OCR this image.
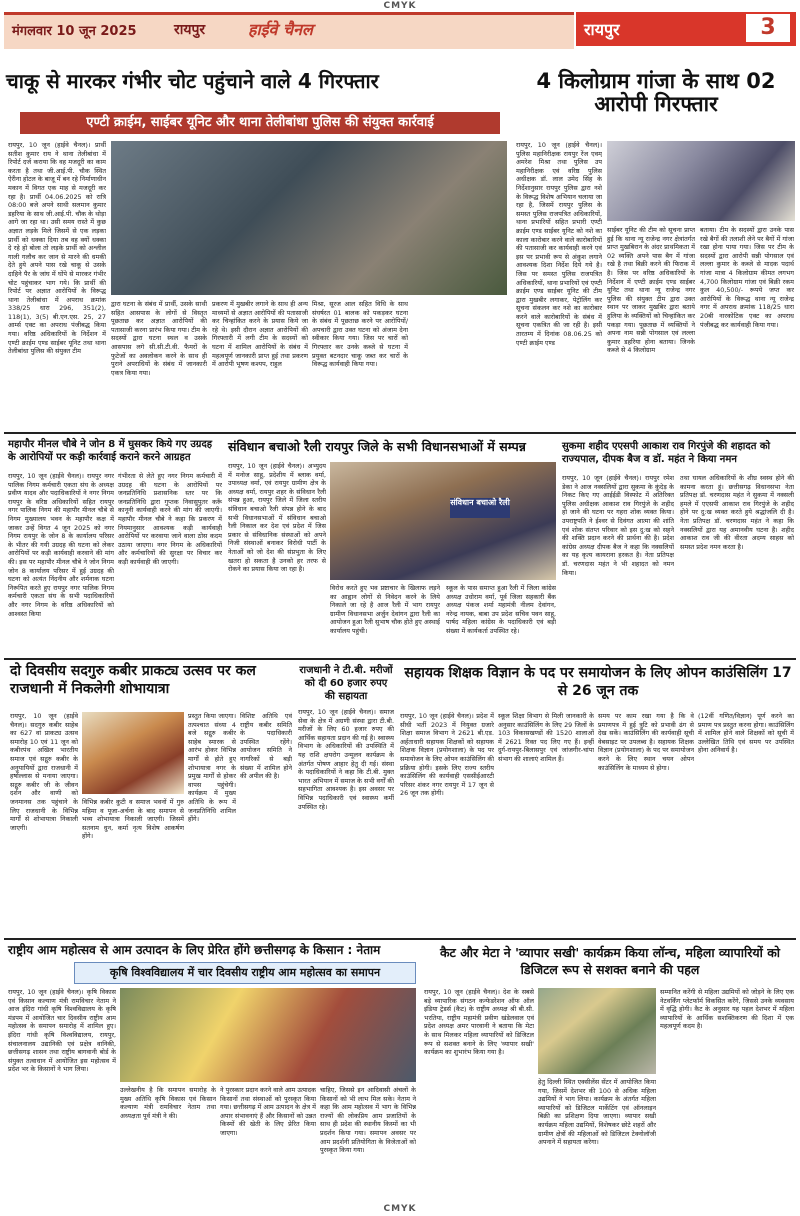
CMYK
मंगलवार 10 जून 2025	रायपुर	हाईवे चैनल	रायपुर	3
चाकू से मारकर गंभीर चोट पहुंचाने वाले 4 गिरफ्तार
एण्टी क्राईम, साईबर यूनिट और थाना तेलीबांधा पुलिस की संयुक्त कार्रवाई
रायपुर, 10 जून (हाईवे चैनल)। प्रार्थी सतीश कुमार राय ने थाना तेलीबांधा में रिपोर्ट दर्ज कराया कि वह मजदूरी का काम करता है तथा जी.आई.पी. चौक स्थित ऐरीना होटल के बाजू में बन रहे निर्माणाधीन मकान में विगत एक माह से मजदूरी कर रहा है। प्रार्थी 04.06.2025 को रात्रि 08:00 बजे अपने साथी सलमान कुमार डहरिया के साथ जी.आई.पी. चौक के थोड़ा आगे जा रहा था। उसी समय रास्ते में कुछ अज्ञात लड़के मिले जिसमें से एक लड़का प्रार्थी को धक्का दिया तब वह क्यों धक्का दे रहे हो बोला तो लड़के प्रार्थी को अश्लील गाली गलौच कर जान से मारने की धमकी देते हुये अपने पास रखे चाकू से उसके दाहिने पैर के जांघ में घोंपे से मारकर गंभीर चोट पहुंचाकर भाग गये। कि प्रार्थी की रिपोर्ट पर अज्ञात आरोपियों के विरूद्ध थाना तेलीबांधा में अपराध क्रमांक 338/25 धारा 296, 351(2), 118(1), 3(5) बी.एन.एस. 25, 27 आर्म्स एक्ट का अपराध पंजीबद्ध किया गया। वरिष्ठ अधिकारियों के निर्देशन में एण्टी क्राईम एण्ड साईबर यूनिट तथा थाना तेलीबांधा पुलिस की संयुक्त टीम
द्वारा घटना के संबंध में प्रार्थी, उसके साथी सहित आसपास के लोगों से विस्तृत पूछताछ कर अज्ञात आरोपियों की पतासाजी करना प्रारंभ किया गया। टीम के सदस्यों द्वारा घटना स्थल व उसके आसपास लगे सी.सी.टी.वी. फैमरों के फुटेजों का अवलोकन करने के साथ ही पुराने अपराधियों के संबंध में जानकारी एकत्र किया गया।
प्रकरण में मुखबीर लगाने के साथ ही अन्य माध्यमों से अज्ञात आरोपियों की पतासाजी कर चिन्हांकित करने के प्रयास किये जा रहे थे। इसी दौरान अज्ञात आरोपियों की गिरफ्तारी में लगी टीम के सदस्यों को घटना में शामिल आरोपियों के संबंध में महत्वपूर्ण जानकारी प्राप्त हुई तथा प्रकरण में आरोपी भूषण कश्यप, राहुल
मिश्रा, सूरज आल सहित विधि के साथ संघर्षरत 01 बालक को पकड़कर घटना के संबंध में पूछताछ करने पर आरोपियों/अपचारी द्वारा उक्त घटना को अंजाम देना स्वीकार किया गया। जिस पर चारों को गिरफ्तार कर उनके कब्जे से घटना में प्रयुक्त बटनदार चाकू जब्त कर चारों के विरूद्ध कार्यवाही किया गया।
4 किलोग्राम गांजा के साथ 02 आरोपी गिरफ्तार
रायपुर, 10 जून (हाईवे चैनल)। पुलिस महानिरीक्षक रायपुर रेंज एवम् अमरेश मिश्रा तथा पुलिस उप महानिरीक्षक एवं वरिष्ठ पुलिस अधीक्षक डॉ. लाल उमेद सिंह के निर्देशानुसार रायपुर पुलिस द्वारा नशे के विरूद्ध विशेष अभियान चलाया जा रहा है, जिसमें रायपुर पुलिस के समस्त पुलिस राजपत्रित अधिकारियों, थाना प्रभारियों सहित प्रभारी एण्टी क्राईम एण्ड साईबर यूनिट को नशे का काला कारोबार करने वाले कारोबारियों की पतासाजी कर कार्यवाही करने एवं इस पर प्रभावी रूप से अंकुश लगाने आवश्यक दिशा निर्देश दिये गये है। जिस पर समस्त पुलिस राजपत्रित अधिकारियों, थाना प्रभारियों एवं एण्टी क्राईम एण्ड साईबर यूनिट की टीम द्वारा मुखबीर लगाकर, पेट्रोलिंग कर सूचना संकलन कर नशे का कारोबार करने वाले कारोबारियों के संबंध में सूचना एकत्रित की जा रही है। इसी तारतम्य में दिनांक 08.06.25 को एण्टी क्राईम एण्ड
साईबर यूनिट की टीम को सूचना प्राप्त हुई कि थाना न्यू राजेन्द्र नगर क्षेत्रांतर्गत प्राप्त मुखबिरान के अंदर प्राथमिकता में 02 व्यक्ति अपने पास बैग में गांजा रखे है तथा बिक्री करने की फिराक में है। जिस पर वरिष्ठ अधिकारियों के निर्देशन में एण्टी क्राईम एण्ड साईबर यूनिट तथा थाना न्यू राजेन्द्र नगर पुलिस की संयुक्त टीम द्वारा उक्त स्थान पर जाकर मुखबिर द्वारा बताये हुलिया के व्यक्तियों को चिन्हांकित कर पकड़ा गया। पूछताछ में व्यक्तियों ने अपना नाम सन्नी पोगसाल एवं लल्ला कुमार डहरिया होना बताया। जिनके कब्जे से 4 किलोग्राम
बताया। टीम के सदस्यों द्वारा उनके पास रखे बैगों की तलाशी लेने पर बैगों में गांजा रखा होना पाया गया। जिस पर टीम के सदस्यों द्वारा आरोपी सन्नी पोगसाल एवं लल्ला कुमार के कब्जे से मादक पदार्थ गांजा मात्रा 4 किलोग्राम कीमत लगभग 4,700 किलोग्राम गांजा एवं बिक्री रकम कुल 40,500/- रूपये जप्त कर आरोपियों के विरूद्ध थाना न्यू राजेन्द्र नगर में अपराध क्रमांक 118/25 धारा 20बी नारकोटिक एक्ट का अपराध पंजीबद्ध कर कार्यवाही किया गया।
महापौर मीनल चौबे ने जोन 8 में घुसकर किये गए उग्रदह के आरोपियों पर कड़ी कार्रवाई कराने करने आग्रहत
रायपुर, 10 जून (हाईवे चैनल)। रायपुर नगर पालिक निगम कर्मचारी एकता संघ के अध्यक्ष प्रवीण यादव और पदाधिकारियों ने नगर निगम रायपुर के वरिष्ठ अधिकारियों सहित रायपुर नगर पालिक निगम की महापौर मीनल चौबे से निगम मुख्यालय भवन के महापौर कक्ष में जाकर उन्हें विगत 4 जून 2025 को नगर निगम रायपुर के जोन 8 के कार्यालय परिसर के भीतर की गयी उग्रदह की घटना को लेकर आरोपियों पर कड़ी कार्यवाही करवाने की मांग की। इस पर महापौर मीनल चौबे ने जोन निगम जोन 8 कार्यालय परिसर में हुई उग्रदह की घटना को अत्यंत निंदनीय और शर्मनाक घटना निरूपित करते हुए रायपुर नगर पालिक निगम कर्मचारी एकता संघ के सभी पदाधिकारियों और नगर निगम के वरिष्ठ अधिकारियों को आश्वस्त किया
गंभीरता से लेते हुए नगर निगम कर्मचारी में उग्रदह की घटना के आरोपियों पर जनप्रतिनिधि प्रशासनिक स्तर पर कि जनप्रतिनिधि द्वारा गुप्तक निवासुपुतर करूँ कानूनी कार्यवाही करने की मांग की जाएगी। महापौर मीनल चौबे ने कहा कि प्रकरण में नियमानुसार आवश्यक कड़ी कार्यवाही आरोपियों पर करवाया जाने वाला ठोस कदम उठाया जाएगा। नगर निगम के अधिकारियों और कर्मचारियों की सुरक्षा पर विचार कर कड़ी कार्यवाही की जाएगी।
संविधान बचाओ रैली रायपुर जिले के सभी विधानसभाओं में सम्पन्न
संविधान बचाओ रैली
रायपुर, 10 जून (हाईवे चैनल)। अभ्युदय में मनोज साहू, प्रदेशीय में ब्लाक वर्मा, उपाध्यक्ष वर्मा, एवं रायपुर ग्रामीण क्षेत्र के अध्यक्ष वर्मा, रायपुर शहर के संविधान रैली संपन्न हुआ, रायपुर जिले में जिला स्तरीय संविधान बचाओ रैली संपन्न होने के बाद सभी विधानसभाओं में संविधान बचाओ रैली निकाल कर देश एवं प्रदेश में जिस प्रकार से संविधानिक संस्थाओं को अपने निजी संस्थाओं बनाकर विरोधी पार्टी के नेताओं को जो देश की संप्रभुता के लिए खतरा हो सकता है उनको हर तरफ से रोकने का प्रयास किया जा रहा है।
विरोध करते हुए भव प्रष्टाचार के खिलाफ लड़ने का आह्वान लोगों से निवेदन करने के लिये निकाले जा रहे है आज रैली में भाग रायपुर ग्रामीण विधानसभा अर्जुन देवांगन द्वारा रैली का आयोजन हुआ रैली सुभाष चौक होते हुए अस्थाई कार्यालय पहुंची।
स्कूल के पास समाप्त हुआ रैली में जिला कांग्रेस अध्यक्ष उधोराम वर्मा, पूर्व जिला सहकारी बैंक अध्यक्ष पंकज शर्मा महामंत्री नीलम देवांगन, नरेन्द्र नायक, बाबा उप प्रदेश सचिव पवन साहू, पार्षद महिला कांग्रेस के पदाधिकारी एवं बड़ी संख्या में कार्यकर्ता उपस्थित रहे।
सुकमा शहीद एएसपी आकाश राव गिरपुंजे की शहादत को राज्यपाल, दीपक बैज व डॉ. महंत ने किया नमन
रायपुर, 10 जून (हाईवे चैनल)। रायपुर रमेश डेका ने आज नक्सलियों द्वारा सुकमा के कुंदेड़ के निकट किए गए आईईडी विस्फोट में अतिरिक्त पुलिस अधीक्षक आकाश राव गिरपुंजे के शहीद हो जाने की घटना पर गहरा शोक व्यक्त किया। उपराष्ट्रपति ने ईश्वर से दिवंगत आत्मा की शांति एवं शोक संतप्त परिवार को इस दु:ख को सहने की शक्ति प्रदान करने की प्रार्थना की है। प्रदेश कांग्रेस अध्यक्ष दीपक बैज ने कहा कि नक्सलियों का यह कृत्य कायराना हरकत है। नेता प्रतिपक्ष डॉ. चरणदास महंत ने भी शहादत को नमन किया।
तथा घायल अधिकारियों के शीघ्र स्वस्थ होने की कामना करता हूं। छत्तीसगढ़ विधानसभा नेता प्रतिपक्ष डॉ. चरणदास महंत ने सुकमा में नक्सली हमले में एएसपी आकाश राव गिरपुंजे के शहीद होने पर दु:ख व्यक्त करते हुये श्रद्धांजलि दी है। नेता प्रतिपक्ष डॉ. चरणदास महंत ने कहा कि नक्सलियों द्वारा यह अमानवीय घटना है। शहीद आकाश राव जी की वीरता अदम्य साहस को समस्त प्रदेश नमन करता है।
दो दिवसीय सदगुरु कबीर प्राकट्य उत्सव पर कल राजधानी में निकलेगी शोभायात्रा
रायपुर, 10 जून (हाईवे चैनल)। सदगुरु कबीर साहेब का 627 वां प्राकट्य उत्सव समारोह 10 एवं 11 जून को कबीरपंथ अखिल भारतीय समाज एवं सद्गुरु कबीर के अनुयायियों द्वारा राजधानी में हर्षोल्लास से मनाया जाएगा। सद्गुरु कबीर जी के जीवन दर्शन और वाणी को जनमानस तक पहुंचाने के लिए राजधानी के विभिन्न मार्गों से शोभायात्रा निकाली जाएगी।
विभिन्न कबीर कुटी व समाज भवनों में गुरु महिमा व पूजा-अर्चना के बाद समापन से भव्य शोभायात्रा निकाली जाएगी। जिसमें सतनाम धुन, कर्मा नृत्य विशेष आकर्षण होंगे।
प्रस्तुत किया जाएगा। तत्पश्चात संध्या 4 बजे सद्गुरु कबीर साहेब स्मारक से आरंभ होकर विभिन्न मार्गों से होते हुए शोभायात्रा नगर के प्रमुख मार्गों से होकर वापस पहुंचेगी। कार्यक्रम में मुख्य अतिथि के रूप में जनप्रतिनिधि शामिल होंगे।
विशिष्ट अतिथि एवं राष्ट्रीय कबीर समिति के पदाधिकारी उपस्थित रहेंगे। आयोजन समिति ने नागरिकों से बड़ी संख्या में शामिल होने की अपील की है।
राजधानी ने टी.बी. मरीजों को दी 60 हजार रुपए की सहायता
रायपुर, 10 जून (हाईवे चैनल)। समाज सेवा के क्षेत्र में अग्रणी संस्था द्वारा टी.बी. मरीजों के लिए 60 हजार रुपए की आर्थिक सहायता प्रदान की गई है। स्वास्थ्य विभाग के अधिकारियों की उपस्थिति में यह राशि क्षयरोग उन्मूलन कार्यक्रम के अंतर्गत पोषण आहार हेतु दी गई। संस्था के पदाधिकारियों ने कहा कि टी.बी. मुक्त भारत अभियान में समाज के सभी वर्गों की सहभागिता आवश्यक है। इस अवसर पर विभिन्न पदाधिकारी एवं स्वास्थ्य कर्मी उपस्थित रहे।
सहायक शिक्षक विज्ञान के पद पर समायोजन के लिए ओपन काउंसिलिंग 17 से 26 जून तक
रायपुर, 10 जून (हाईवे चैनल)। प्रदेश में सीधी भर्ती 2023 में नियुक्त ग्रजारे शिक्षा समाज विभाग ने 2621 बी.एड. अर्हताधारी सहायक शिक्षकों को सहायक शिक्षक विज्ञान (प्रयोगशाला) के पद पर समायोजन के लिए ओपन काउंसिलिंग की प्रक्रिया होगी। इसके लिए राज्य स्तरीय काउंसिलिंग की कार्यवाही एससीईआरटी परिसर शंकर नगर रायपुर में 17 जून से 26 जून तक होगी।
स्कूल शिक्षा विभाग से मिली जानकारी के अनुसार काउंसिलिंग के लिए 29 जिलों के 103 विकासखण्डों की 1520 शालाओं में 2621 रिक्त पद लिए गए हैं। इन्हीं दुर्ग-रायपुर-बिलासपुर एवं जांजगीर-चांपा संभाग की शालाएं शामिल हैं।
समय पर काम रखा गया है कि वे प्रमाणपत्र में हुई त्रुटि को प्रभावी ढंग से देख सकें। काउंसिलिंग की कार्यवाही सूची वेबसाइट पर उपलब्ध है। सहायक शिक्षक विज्ञान (प्रयोगशाला) के पद पर समायोजन करने के लिए स्थान चयन ओपन काउंसिलिंग के माध्यम से होगा।
(12वीं गणित/विज्ञान) पूर्ण करने का प्रमाण पत्र प्रस्तुत करना होगा। काउंसिलिंग में शामिल होने वाले शिक्षकों को सूची में उल्लेखित तिथि एवं समय पर उपस्थित होना अनिवार्य है।
राष्ट्रीय आम महोत्सव से आम उत्पादन के लिए प्रेरित होंगे छत्तीसगढ़ के किसान : नेताम
कृषि विश्वविद्यालय में चार दिवसीय राष्ट्रीय आम महोत्सव का समापन
रायपुर, 10 जून (हाईवे चैनल)। कृषि विकास एवं किसान कल्याण मंत्री रामविचार नेताम ने आज इंदिरा गांधी कृषि विश्वविद्यालय के कृषि मंडपम में आयोजित चार दिवसीय राष्ट्रीय आम महोत्सव के समापन समारोह में शामिल हुए। इंदिरा गांधी कृषि विश्वविद्यालय, रायपुर, संचालनालय उद्यानिकी एवं प्रक्षेत्र वानिकी, छत्तीसगढ़ शासन तथा राष्ट्रीय बागवानी बोर्ड के संयुक्त तत्वाधान में आयोजित इस महोत्सव में प्रदेश भर के किसानों ने भाग लिया।
उल्लेखनीय है कि समापन समारोह के मुख्य अतिथि कृषि विकास एवं किसान कल्याण मंत्री रामविचार नेताम तथा अध्यक्षता पूर्व मंत्री ने की।
ने पुरस्कार प्रदान करने वाले आम उत्पादक किसानों तथा संस्थाओं को पुरस्कृत किया गया। छत्तीसगढ़ में आम उत्पादन के क्षेत्र में अपार संभावनाएं हैं और किसानों को उन्नत किस्मों की खेती के लिए प्रेरित किया जाएगा।
चाहिए, जिससे इन आदिवासी अंचलों के किसानों को भी लाभ मिल सके। नेताम ने कहा कि आम महोत्सव में भाग के विभिन्न राज्यों की लोकप्रिय आम प्रजातियों के साथ ही प्रदेश की स्थानीय किस्मों का भी प्रदर्शन किया गया। समापन अवसर पर आम प्रदर्शनी प्रतियोगिता के विजेताओं को पुरस्कृत किया गया।
कैट और मेटा ने 'व्यापार सखी' कार्यक्रम किया लॉन्च, महिला व्यापारियों को डिजिटल रूप से सशक्त बनाने की पहल
रायपुर, 10 जून (हाईवे चैनल)। देश के सबसे बड़े व्यापारिक संगठन कन्फेडरेशन ऑफ ऑल इंडिया ट्रेडर्स (कैट) के राष्ट्रीय अध्यक्ष श्री बी.सी. भरतिया, राष्ट्रीय महामंत्री प्रवीण खंडेलवाल एवं प्रदेश अध्यक्ष अमर पारवानी ने बताया कि मेटा के साथ मिलकर महिला व्यापारियों को डिजिटल रूप से सशक्त बनाने के लिए 'व्यापार सखी' कार्यक्रम का शुभारंभ किया गया है।
हेतु दिल्ली स्थित एक्सीलेंस सेंटर में आयोजित किया गया, जिसमें देशभर की 100 से अधिक महिला उद्यमियों ने भाग लिया। कार्यक्रम के अंतर्गत महिला व्यापारियों को डिजिटल मार्केटिंग एवं ऑनलाइन बिक्री का प्रशिक्षण दिया जाएगा। व्यापार सखी कार्यक्रम महिला उद्यमियों, विशेषकर छोटे शहरों और ग्रामीण क्षेत्रों की महिलाओं को डिजिटल टेक्नोलॉजी अपनाने में सहायता करेगा।
सम्मानित करेंगी से महिला उद्यमियों को जोड़ने के लिए एक नेटवर्किंग प्लेटफॉर्म विकसित करेंगे, जिससे उनके व्यवसाय में वृद्धि होगी। कैट के अनुसार यह पहल देशभर में महिला व्यापारियों के आर्थिक सशक्तिकरण की दिशा में एक महत्वपूर्ण कदम है।
CMYK
